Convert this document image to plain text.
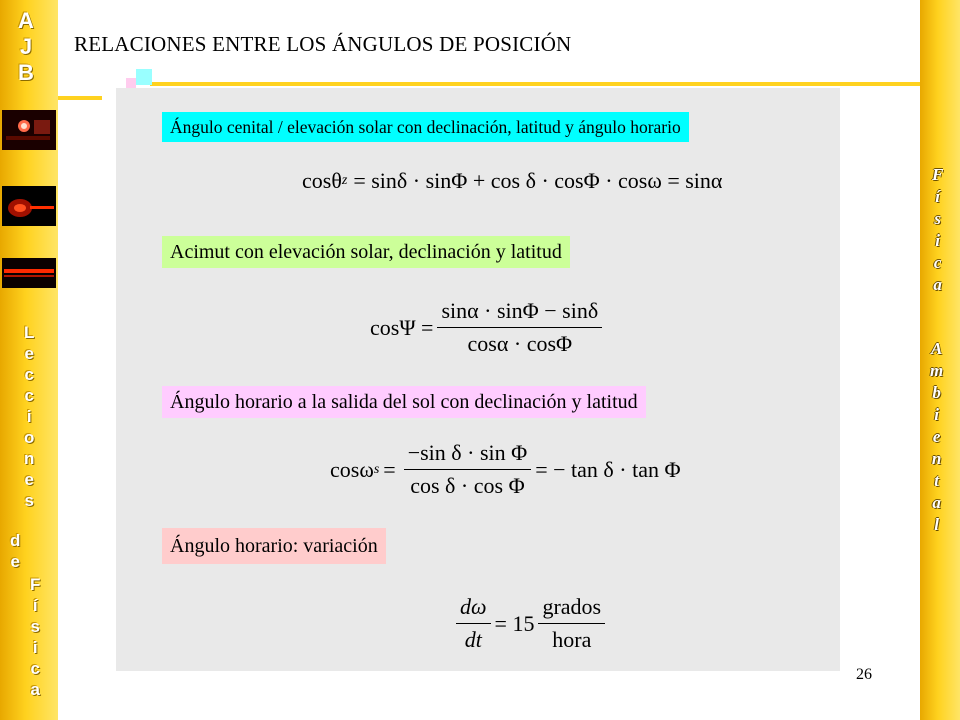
A
J
B
L
e
c
c
i
o
n
e
s
d
e
F
í
s
i
c
a
F
í
s
i
c
a
A
m
b
i
e
n
t
a
l
RELACIONES ENTRE LOS ÁNGULOS DE POSICIÓN
Ángulo cenital / elevación solar con declinación, latitud y ángulo horario
Acimut con elevación solar, declinación y latitud
Ángulo horario a la salida del sol con declinación y latitud
Ángulo horario: variación
cosθ z = sinδ · sinΦ + cos δ · cosΦ · cosω = sinα
$\cos\Psi = \frac{\sin\alpha \cdot \sin\Phi - \sin\delta}{\cos\alpha \cdot \cos\Phi}$
cosω $s = \frac{\text{−sin δ · sin Φ}}{\text{cos δ · cos Φ}}$ = − tan δ · tan Φ
$\frac{d\omega}{dt} = 15 \frac{\text{grados}}{\text{hora}}$
26
